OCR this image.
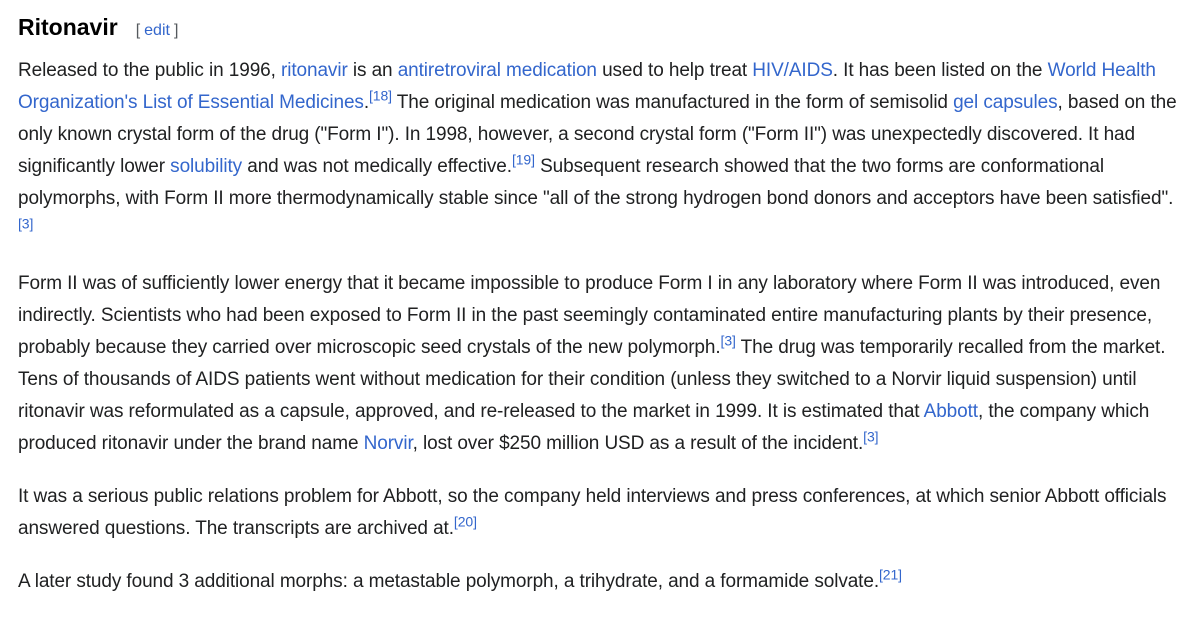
Ritonavir [ edit ]

Released to the public in 1996, ritonavir is an antiretroviral medication used to help treat HIV/AIDS. It has been listed on the World Health Organization's List of Essential Medicines.[18] The original medication was manufactured in the form of semisolid gel capsules, based on the only known crystal form of the drug ("Form I"). In 1998, however, a second crystal form ("Form II") was unexpectedly discovered. It had significantly lower solubility and was not medically effective.[19] Subsequent research showed that the two forms are conformational polymorphs, with Form II more thermodynamically stable since "all of the strong hydrogen bond donors and acceptors have been satisfied".[3]

Form II was of sufficiently lower energy that it became impossible to produce Form I in any laboratory where Form II was introduced, even indirectly. Scientists who had been exposed to Form II in the past seemingly contaminated entire manufacturing plants by their presence, probably because they carried over microscopic seed crystals of the new polymorph.[3] The drug was temporarily recalled from the market. Tens of thousands of AIDS patients went without medication for their condition (unless they switched to a Norvir liquid suspension) until ritonavir was reformulated as a capsule, approved, and re-released to the market in 1999. It is estimated that Abbott, the company which produced ritonavir under the brand name Norvir, lost over $250 million USD as a result of the incident.[3]

It was a serious public relations problem for Abbott, so the company held interviews and press conferences, at which senior Abbott officials answered questions. The transcripts are archived at.[20]

A later study found 3 additional morphs: a metastable polymorph, a trihydrate, and a formamide solvate.[21]
